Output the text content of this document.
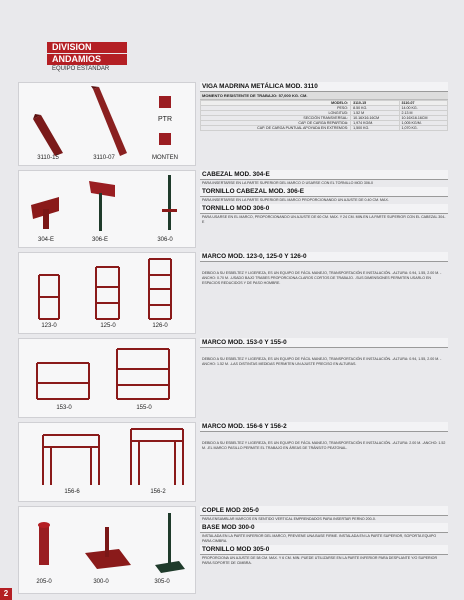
DIVISION
ANDAMIOS
EQUIPO ESTANDAR
PTR
3110-15	3110-07	MONTEN
304-E	306-E	306-0
123-0	125-0	126-0
153-0	155-0
156-6	156-2
205-0	300-0	305-0
VIGA MADRINA METÁLICA MOD. 3110
MOMENTO RESISTENTE DE TRABAJO: 57,000 KG. CM.
MODELO:	3110-15	3110-07
PESO:	8.50 KG.	14.00 KG.
LONGITUD:	1.52 M	2.13 M
SECCIÓN TRANSVERSAL:	10.16X16.16CM	10.16X16.16CM
CAP. DE CARGA REPARTIDA:	1,974 KG/M.	1,005 KG/M.
CAP. DE CARGA PUNTUAL APOYADA EN EXTREMOS:	1,500 KG.	1,070 KG.
CABEZAL MOD. 304-E
PARA INSERTARSE EN LA PARTE SUPERIOR DEL MARCO O USARSE CON EL TORNILLO MOD 306-0
TORNILLO CABEZAL MOD. 306-E
PARA INSERTARSE EN LA PARTE SUPERIOR DEL MARCO PROPORCIONANDO UN AJUSTE DE 0.40 CM. MAX.
TORNILLO MOD 306-0
PARA USARSE EN EL MARCO, PROPORCIONANDO UN AJUSTE DE 60 CM. MAX. Y 24 CM. MIN.EN LA PARTE SUPERIOR CON EL CABEZAL 304-E
MARCO MOD. 123-0, 125-0 Y 126-0
DEBIDO A SU ESBELTEZ Y LIGEREZA, ES UN EQUIPO DE FÁCIL MANEJO, TRANSPORTACIÓN E INSTALACIÓN. -ALTURA: 0.94, 1.55, 2.00 M. -ANCHO: 0.70 M. -USADO BAJO TRABES PROPORCIONA CLAROS CORTOS DE TRABAJO. -SUS DIMENSIONES PERMITEN USARLO EN ESPACIOS REDUCIDOS Y DE PASO HOMBRE.
MARCO MOD. 153-0 Y 155-0
DEBIDO A SU ESBELTEZ Y LIGEREZA, ES UN EQUIPO DE FÁCIL MANEJO, TRANSPORTACIÓN E INSTALACIÓN. -ALTURA: 0.94, 1.55, 2.00 M. -ANCHO: 1.52 M. -LAS DISTINTAS MEDIDAS PERMITEN UN AJUSTE PRECISO EN ALTURAS.
MARCO MOD. 156-6 Y 156-2
DEBIDO A SU ESBELTEZ Y LIGEREZA, ES UN EQUIPO DE FÁCIL MANEJO, TRANSPORTACIÓN E INSTALACIÓN. -ALTURA: 2.00 M. -ANCHO: 1.52 M. -EL MARCO PASILLO PERMITE EL TRABAJO EN ÁREAS DE TRÁNSITO PEATONAL.
COPLE MOD 205-0
PARA ENSAMBLAR MARCOS EN SENTIDO VERTICAL EMPRENDADOS PARA INSERTAR PERNO 200-0.
BASE MOD 300-0
INSTALADA EN LA PARTE INFERIOR DEL MARCO, PREVIENE UNA BASE FIRME. INSTALADA EN LA PARTE SUPERIOR, SOPORTA EQUIPO PARA CIMBRA.
TORNILLO MOD 305-0
PROPORCIONA UN AJUSTE DE 58 CM. MAX. Y 6 CM. MIN. PUEDE UTILIZARSE EN LA PARTE INFERIOR PARA DESPLANTE Y/O SUPERIOR PARA SOPORTE DE CIMBRA.
2
